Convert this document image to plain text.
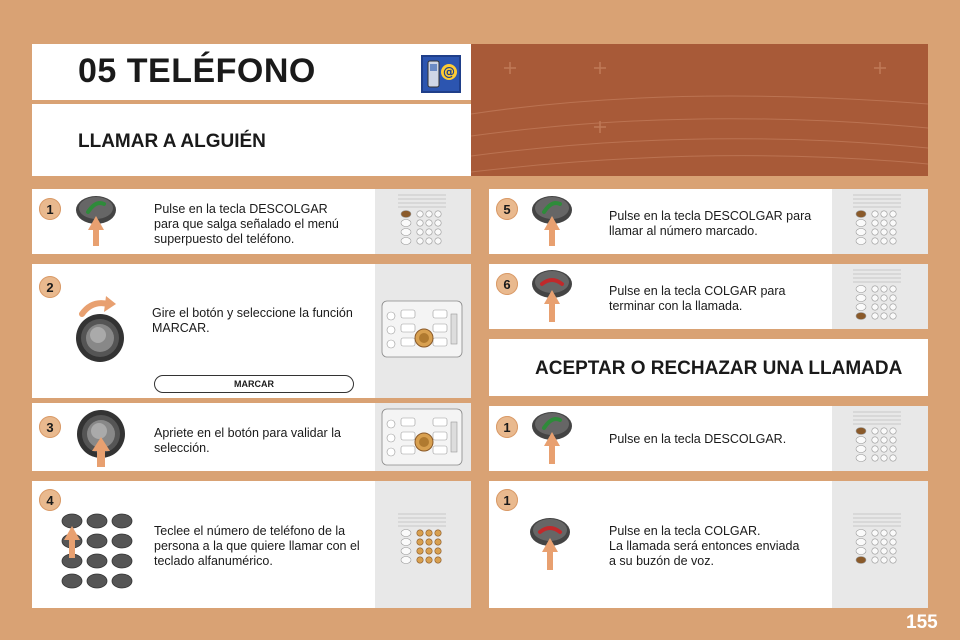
05 TELÉFONO	@
LLAMAR A ALGUIÉN
1	Pulse en la tecla DESCOLGAR
para que salga señalado el menú
superpuesto del teléfono.
2
Gire el botón y seleccione la función
MARCAR.
MARCAR
3	Apriete en el botón para validar la
selección.
4
Teclee el número de teléfono de la
persona a la que quiere llamar con el
teclado alfanumérico.
5	Pulse en la tecla DESCOLGAR para
llamar al número marcado.
6	Pulse en la tecla COLGAR para
terminar con la llamada.
ACEPTAR O RECHAZAR UNA LLAMADA
1
Pulse en la tecla DESCOLGAR.
1
Pulse en la tecla COLGAR.
La llamada será entonces enviada
a su buzón de voz.
155
